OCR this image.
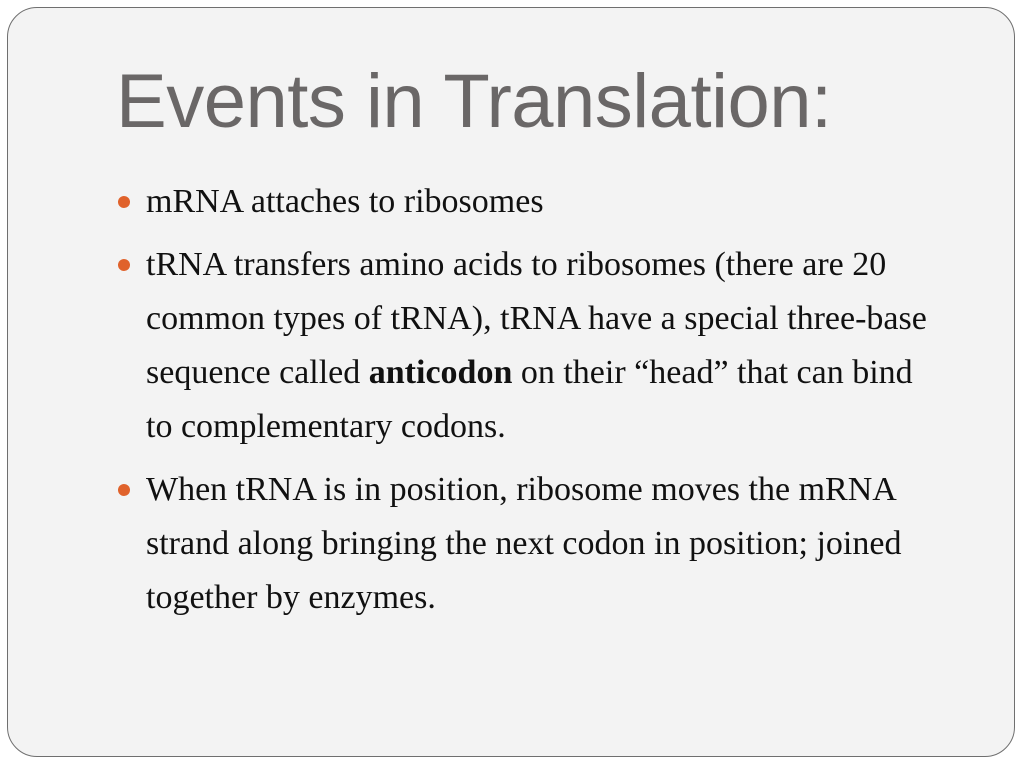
Events in Translation:
mRNA attaches to ribosomes
tRNA transfers amino acids to ribosomes (there are 20 common types of tRNA), tRNA have a special three-base sequence called anticodon on their “head” that can bind to complementary codons.
When tRNA is in position, ribosome moves the mRNA strand along bringing the next codon in position; joined together by enzymes.
